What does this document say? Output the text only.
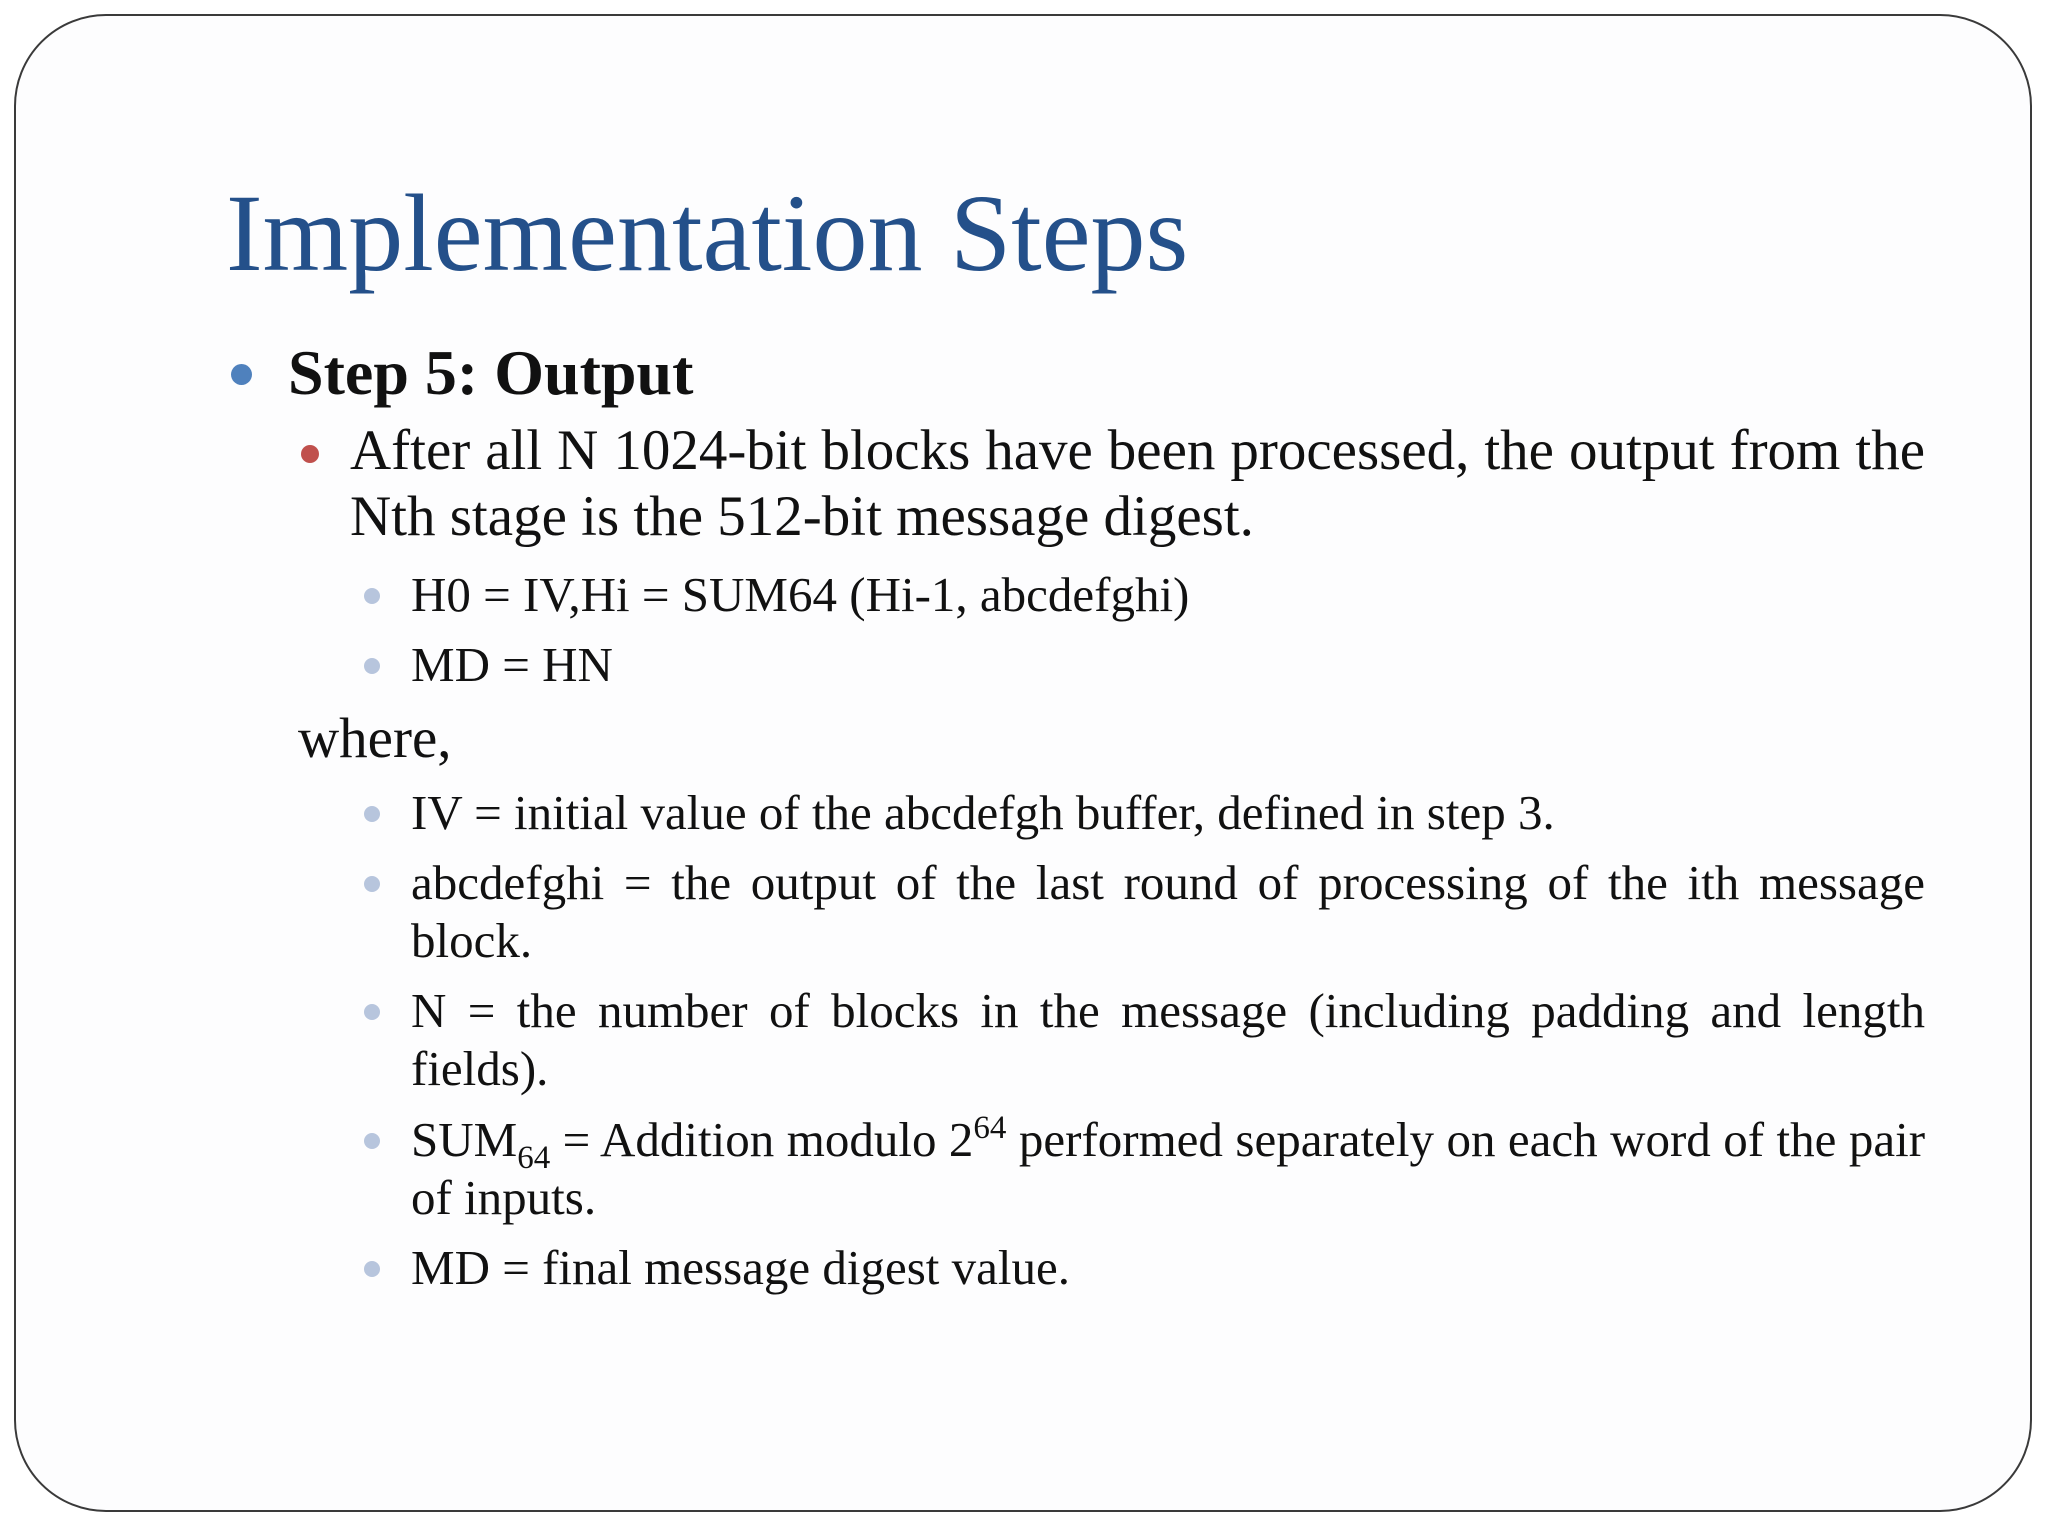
Implementation Steps
Step 5: Output
After all N 1024-bit blocks have been processed, the output from the Nth stage is the 512-bit message digest.
H0 = IV,Hi = SUM64 (Hi-1, abcdefghi)
MD = HN
where,
IV = initial value of the abcdefgh buffer, defined in step 3.
abcdefghi = the output of the last round of processing of the ith message block.
N = the number of blocks in the message (including padding and length fields).
$SUM_{64}$ = Addition modulo $2^{64}$ performed separately on each word of the pair of inputs.
MD = final message digest value.
